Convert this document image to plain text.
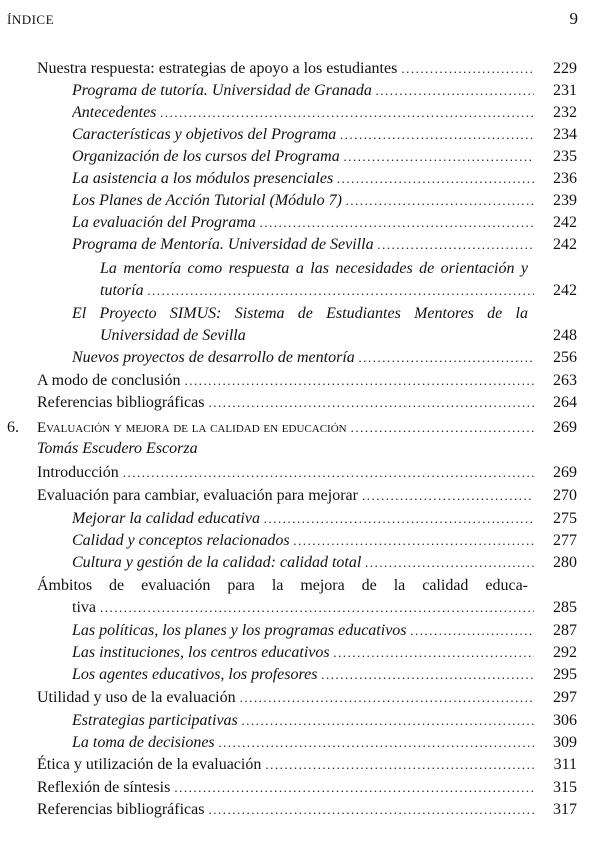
ÍNDICE	9
Nuestra respuesta: estrategias de apoyo a los estudiantes .....	229
Programa de tutoría. Universidad de Granada .....	231
Antecedentes .....	232
Características y objetivos del Programa .....	234
Organización de los cursos del Programa .....	235
La asistencia a los módulos presenciales .....	236
Los Planes de Acción Tutorial (Módulo 7) .....	239
La evaluación del Programa .....	242
Programa de Mentoría. Universidad de Sevilla .....	242
La mentoría como respuesta a las necesidades de orientación y
tutoría .....	242
El Proyecto SIMUS: Sistema de Estudiantes Mentores de la
Universidad de Sevilla	248
Nuevos proyectos de desarrollo de mentoría .....	256
A modo de conclusión .....	263
Referencias bibliográficas .....	264
6. Evaluación y mejora de la calidad en educación .....	269
Tomás Escudero Escorza
Introducción .....	269
Evaluación para cambiar, evaluación para mejorar .....	270
Mejorar la calidad educativa .....	275
Calidad y conceptos relacionados .....	277
Cultura y gestión de la calidad: calidad total .....	280
Ámbitos de evaluación para la mejora de la calidad educa-
tiva .....	285
Las políticas, los planes y los programas educativos .....	287
Las instituciones, los centros educativos .....	292
Los agentes educativos, los profesores .....	295
Utilidad y uso de la evaluación .....	297
Estrategias participativas .....	306
La toma de decisiones .....	309
Ética y utilización de la evaluación .....	311
Reflexión de síntesis .....	315
Referencias bibliográficas .....	317
